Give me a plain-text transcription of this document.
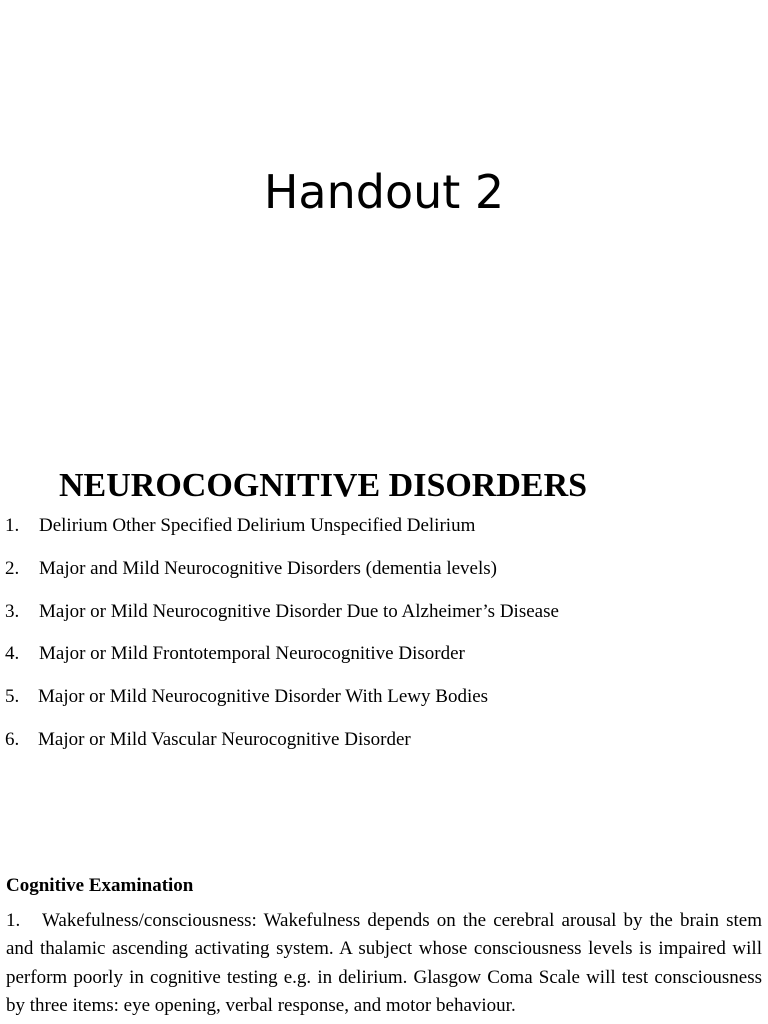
Handout 2
NEUROCOGNITIVE DISORDERS
1. Delirium Other Specified Delirium Unspecified Delirium
2. Major and Mild Neurocognitive Disorders (dementia levels)
3. Major or Mild Neurocognitive Disorder Due to Alzheimer’s Disease
4. Major or Mild Frontotemporal Neurocognitive Disorder
5. Major or Mild Neurocognitive Disorder With Lewy Bodies
6. Major or Mild Vascular Neurocognitive Disorder
Cognitive Examination

1. Wakefulness/consciousness: Wakefulness depends on the cerebral arousal by the brain stem and thalamic ascending activating system. A subject whose consciousness levels is impaired will perform poorly in cognitive testing e.g. in delirium. Glasgow Coma Scale will test consciousness by three items: eye opening, verbal response, and motor behaviour.
